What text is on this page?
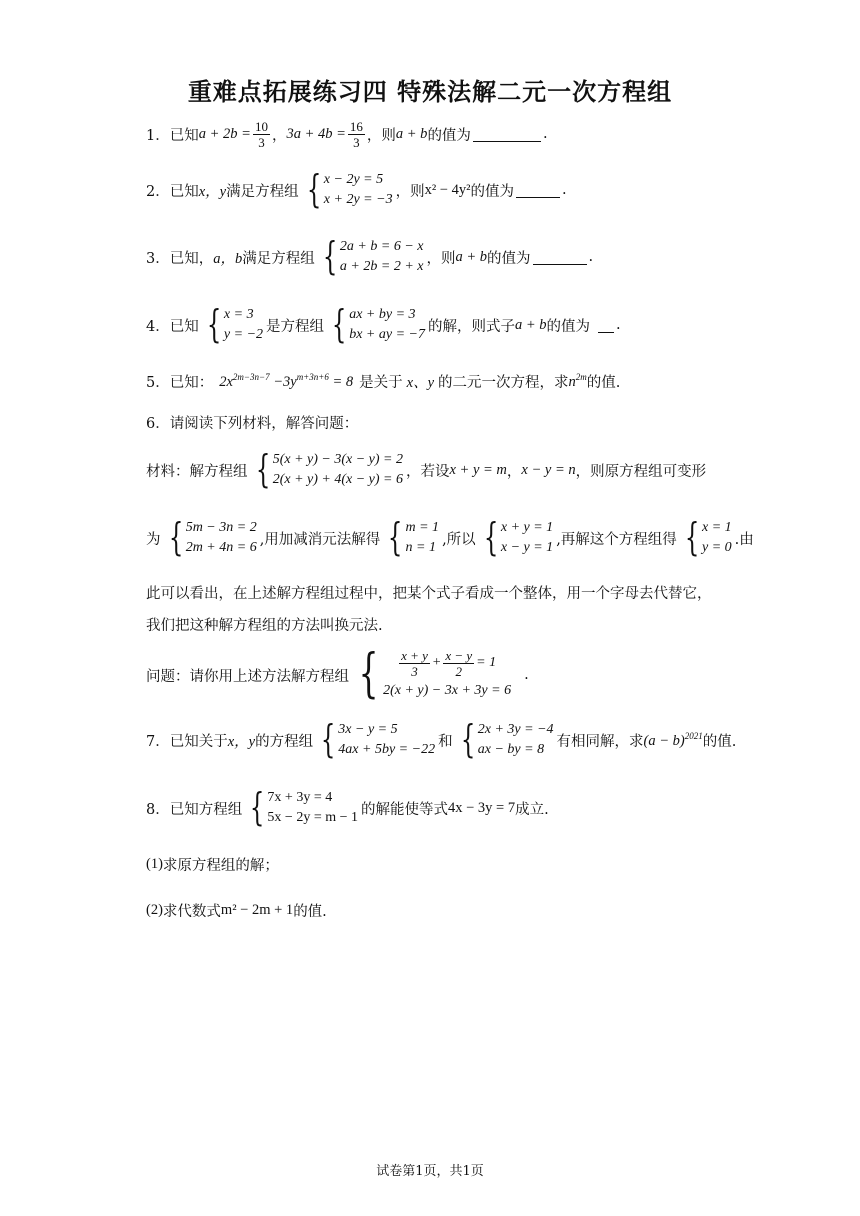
重难点拓展练习四 特殊法解二元一次方程组
1． 已知 $a + 2b = \frac{10}{3}$ ， $3a + 4b = \frac{16}{3}$ ，则 a + b 的值为	.
2． 已知 x，y 满足方程组 { x − 2y = 5
x + 2y = −3 ，则 x² − 4y² 的值为	.
3． 已知， a，b 满足方程组 { 2a + b = 6 − x
a + 2b = 2 + x ，则 a + b 的值为	.
4． 已知 { x = 3
y = −2 是方程组 { ax + by = 3
bx + ay = −7 的解，则式子 a + b 的值为 .
5． 已知： $2x^{2m-3n-7} -3y^{m+3n+6} = 8$ 是关于 x、y 的二元一次方程，求 $n^{2m}$ 的值.
6． 请阅读下列材料，解答问题：
材料：解方程组 { 5(x + y) − 3(x − y) = 2
2(x + y) + 4(x − y) = 6 ，若设 x + y = m ， x − y = n ，则原方程组可变形
为 { 5m − 3n = 2
2m + 4n = 6 ,用加减消元法解得 { m = 1
n = 1 ,所以 { x + y = 1
x − y = 1 ,再解这个方程组得 { x = 1
y = 0 .由
此可以看出，在上述解方程组过程中，把某个式子看成一个整体，用一个字母去代替它，
我们把这种解方程组的方法叫换元法.
问题：请你用上述方法解方程组 { $\frac{x + y}{3} + \frac{x - y}{2} = 1$
2(x + y) − 3x + 3y = 6
.
7． 已知关于 x，y 的方程组 { 3x − y = 5
4ax + 5by = −22 和 { 2x + 3y = −4
ax − by = 8 有相同解，求 $(a - b)^{2021}$ 的值.
8． 已知方程组 { 7x + 3y = 4
5x − 2y = m − 1 的解能使等式 4x − 3y = 7 成立.
(1) 求原方程组的解；
(2) 求代数式 m² − 2m + 1 的值.
试卷第1页，共1页
